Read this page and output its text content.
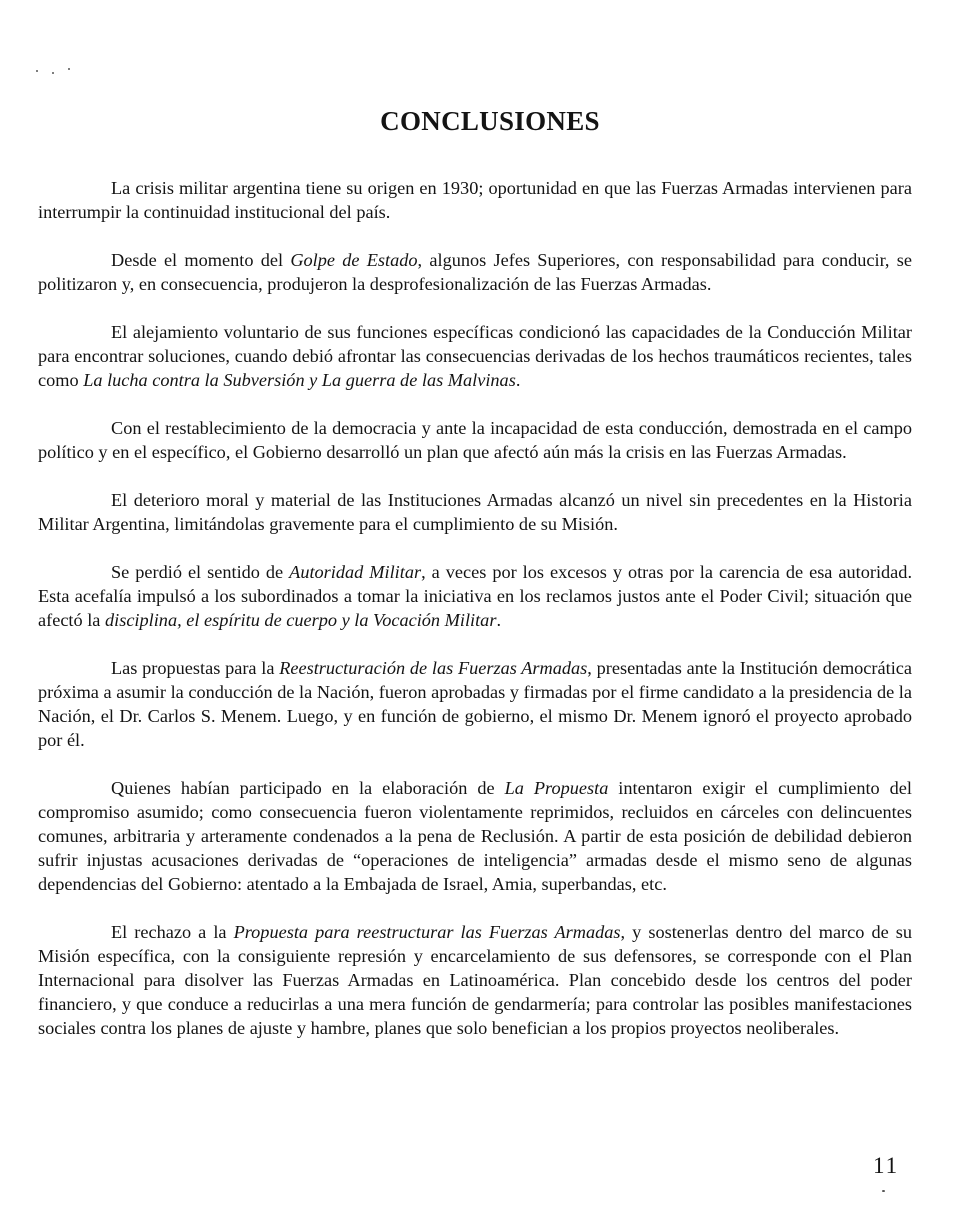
CONCLUSIONES

La crisis militar argentina tiene su origen en 1930; oportunidad en que las Fuerzas Armadas intervienen para interrumpir la continuidad institucional del país.

Desde el momento del Golpe de Estado, algunos Jefes Superiores, con responsabilidad para conducir, se politizaron y, en consecuencia, produjeron la desprofesionalización de las Fuerzas Armadas.

El alejamiento voluntario de sus funciones específicas condicionó las capacidades de la Conducción Militar para encontrar soluciones, cuando debió afrontar las consecuencias derivadas de los hechos traumáticos recientes, tales como La lucha contra la Subversión y La guerra de las Malvinas.

Con el restablecimiento de la democracia y ante la incapacidad de esta conducción, demostrada en el campo político y en el específico, el Gobierno desarrolló un plan que afectó aún más la crisis en las Fuerzas Armadas.

El deterioro moral y material de las Instituciones Armadas alcanzó un nivel sin precedentes en la Historia Militar Argentina, limitándolas gravemente para el cumplimiento de su Misión.

Se perdió el sentido de Autoridad Militar, a veces por los excesos y otras por la carencia de esa autoridad. Esta acefalía impulsó a los subordinados a tomar la iniciativa en los reclamos justos ante el Poder Civil; situación que afectó la disciplina, el espíritu de cuerpo y la Vocación Militar.

Las propuestas para la Reestructuración de las Fuerzas Armadas, presentadas ante la Institución democrática próxima a asumir la conducción de la Nación, fueron aprobadas y firmadas por el firme candidato a la presidencia de la Nación, el Dr. Carlos S. Menem. Luego, y en función de gobierno, el mismo Dr. Menem ignoró el proyecto aprobado por él.

Quienes habían participado en la elaboración de La Propuesta intentaron exigir el cumplimiento del compromiso asumido; como consecuencia fueron violentamente reprimidos, recluidos en cárceles con delincuentes comunes, arbitraria y arteramente condenados a la pena de Reclusión. A partir de esta posición de debilidad debieron sufrir injustas acusaciones derivadas de “operaciones de inteligencia” armadas desde el mismo seno de algunas dependencias del Gobierno: atentado a la Embajada de Israel, Amia, superbandas, etc.

El rechazo a la Propuesta para reestructurar las Fuerzas Armadas, y sostenerlas dentro del marco de su Misión específica, con la consiguiente represión y encarcelamiento de sus defensores, se corresponde con el Plan Internacional para disolver las Fuerzas Armadas en Latinoamérica. Plan concebido desde los centros del poder financiero, y que conduce a reducirlas a una mera función de gendarmería; para controlar las posibles manifestaciones sociales contra los planes de ajuste y hambre, planes que solo benefician a los propios proyectos neoliberales.

11
